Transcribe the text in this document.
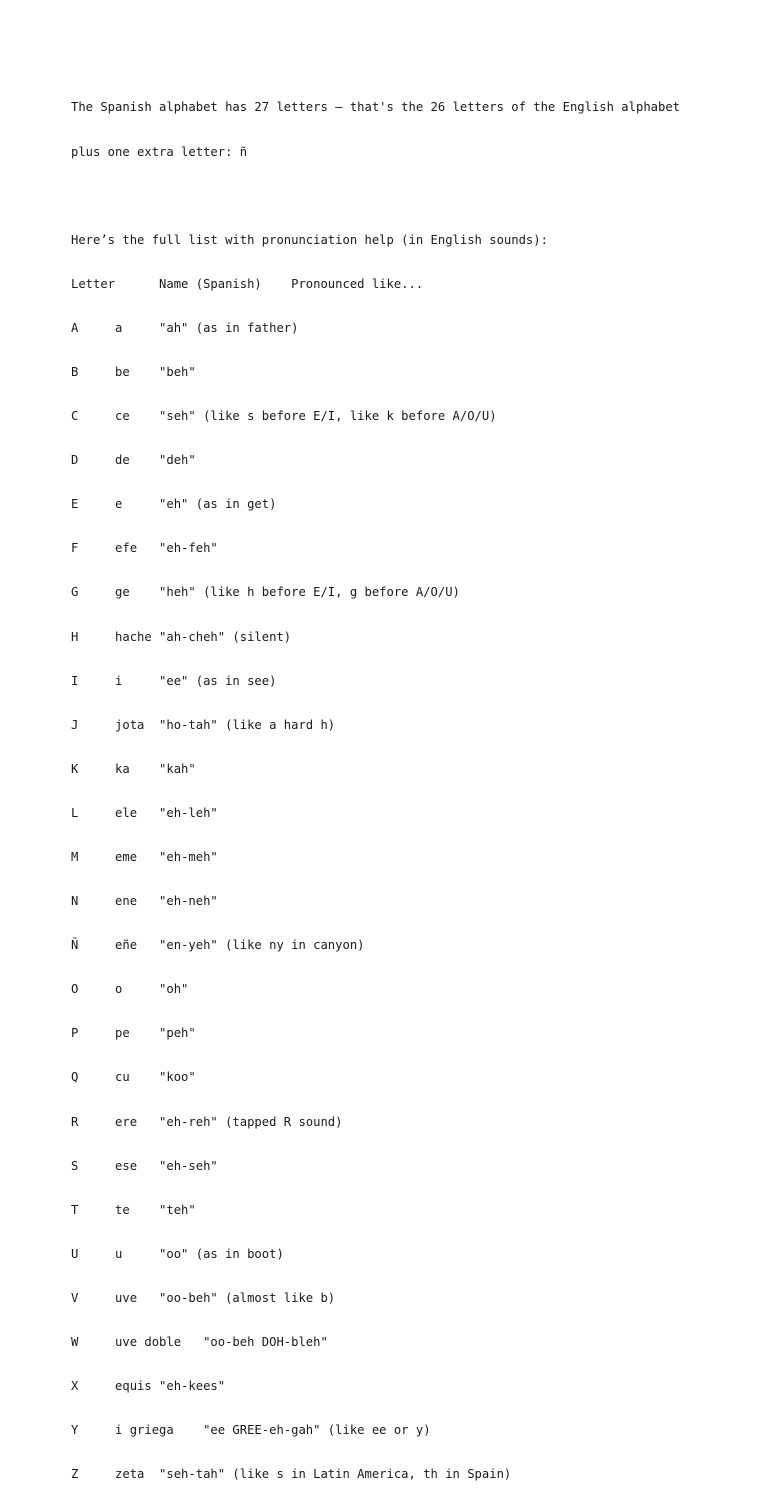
The Spanish alphabet has 27 letters — that's the 26 letters of the English alphabet

plus one extra letter: ñ

Here’s the full list with pronunciation help (in English sounds):

Letter      Name (Spanish)    Pronounced like...

A     a     "ah" (as in father)

B     be    "beh"

C     ce    "seh" (like s before E/I, like k before A/O/U)

D     de    "deh"

E     e     "eh" (as in get)

F     efe   "eh-feh"

G     ge    "heh" (like h before E/I, g before A/O/U)

H     hache "ah-cheh" (silent)

I     i     "ee" (as in see)

J     jota  "ho-tah" (like a hard h)

K     ka    "kah"

L     ele   "eh-leh"

M     eme   "eh-meh"

N     ene   "eh-neh"

Ñ     eñe   "en-yeh" (like ny in canyon)

O     o     "oh"

P     pe    "peh"

Q     cu    "koo"

R     ere   "eh-reh" (tapped R sound)

S     ese   "eh-seh"

T     te    "teh"

U     u     "oo" (as in boot)

V     uve   "oo-beh" (almost like b)

W     uve doble   "oo-beh DOH-bleh"

X     equis "eh-kees"

Y     i griega    "ee GREE-eh-gah" (like ee or y)

Z     zeta  "seh-tah" (like s in Latin America, th in Spain)
